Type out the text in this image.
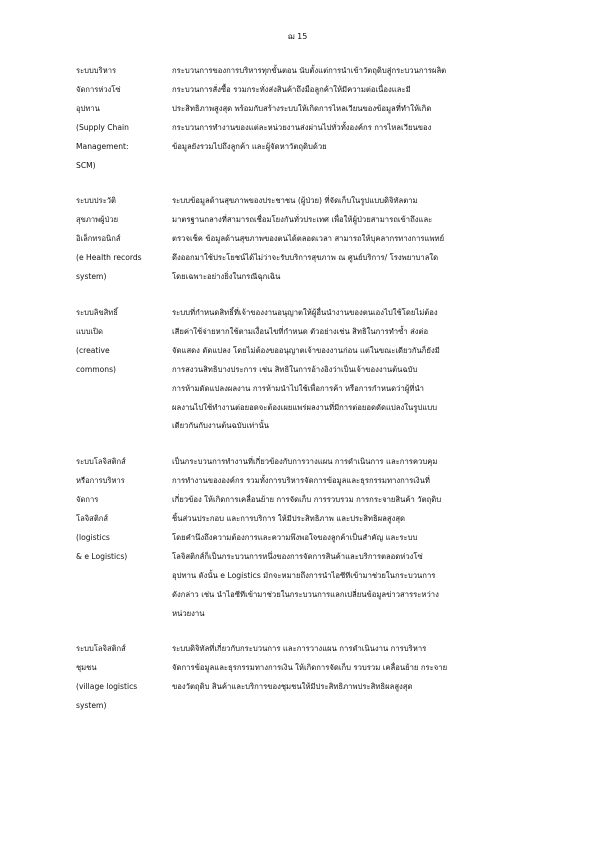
ฌ 15
ระบบบริหาร
จัดการห่วงโซ่
อุปทาน
(Supply Chain
Management:
SCM)
กระบวนการของการบริหารทุกขั้นตอน นับตั้งแต่การนำเข้าวัตถุดิบสู่กระบวนการผลิต
กระบวนการสั่งซื้อ รวมกระทั่งส่งสินค้าถึงมือลูกค้าให้มีความต่อเนื่องและมี
ประสิทธิภาพสูงสุด พร้อมกับสร้างระบบให้เกิดการไหลเวียนของข้อมูลที่ทำให้เกิด
กระบวนการทำงานของแต่ละหน่วยงานส่งผ่านไปทั่วทั้งองค์กร การไหลเวียนของ
ข้อมูลยังรวมไปถึงลูกค้า และผู้จัดหาวัตถุดิบด้วย
ระบบประวัติ
สุขภาพผู้ป่วย
อิเล็กทรอนิกส์
(e Health records
system)
ระบบข้อมูลด้านสุขภาพของประชาชน (ผู้ป่วย) ที่จัดเก็บในรูปแบบดิจิทัลตาม
มาตรฐานกลางที่สามารถเชื่อมโยงกันทั่วประเทศ เพื่อให้ผู้ป่วยสามารถเข้าถึงและ
ตรวจเช็ค ข้อมูลด้านสุขภาพของตนได้ตลอดเวลา สามารถให้บุคลากรทางการแพทย์
ดึงออกมาใช้ประโยชน์ได้ไม่ว่าจะรับบริการสุขภาพ ณ ศูนย์บริการ/ โรงพยาบาลใด
โดยเฉพาะอย่างยิ่งในกรณีฉุกเฉิน
ระบบลิขสิทธิ์
แบบเปิด
(creative
commons)
ระบบที่กำหนดสิทธิ์ที่เจ้าของงานอนุญาตให้ผู้อื่นนำงานของตนเองไปใช้โดยไม่ต้อง
เสียค่าใช้จ่ายหากใช้ตามเงื่อนไขที่กำหนด ตัวอย่างเช่น สิทธิในการทำซ้ำ ส่งต่อ
จัดแสดง ดัดแปลง โดยไม่ต้องขออนุญาตเจ้าของงานก่อน แต่ในขณะเดียวกันก็ยังมี
การสงวนสิทธิบางประการ เช่น สิทธิในการอ้างอิงว่าเป็นเจ้าของงานต้นฉบับ
การห้ามดัดแปลงผลงาน การห้ามนำไปใช้เพื่อการค้า หรือการกำหนดว่าผู้ที่นำ
ผลงานไปใช้ทำงานต่อยอดจะต้องเผยแพร่ผลงานที่มีการต่อยอดดัดแปลงในรูปแบบ
เดียวกันกับงานต้นฉบับเท่านั้น
ระบบโลจิสติกส์
หรือการบริหาร
จัดการ
โลจิสติกส์
(logistics
& e Logistics)
เป็นกระบวนการทำงานที่เกี่ยวข้องกับการวางแผน การดำเนินการ และการควบคุม
การทำงานขององค์กร รวมทั้งการบริหารจัดการข้อมูลและธุรกรรมทางการเงินที่
เกี่ยวข้อง ให้เกิดการเคลื่อนย้าย การจัดเก็บ การรวบรวม การกระจายสินค้า วัตถุดิบ
ชิ้นส่วนประกอบ และการบริการ ให้มีประสิทธิภาพ และประสิทธิผลสูงสุด
โดยคำนึงถึงความต้องการและความพึงพอใจของลูกค้าเป็นสำคัญ และระบบ
โลจิสติกส์ก็เป็นกระบวนการหนึ่งของการจัดการสินค้าและบริการตลอดห่วงโซ่
อุปทาน ดังนั้น e Logistics มักจะหมายถึงการนำไอซีทีเข้ามาช่วยในกระบวนการ
ดังกล่าว เช่น นำไอซีทีเข้ามาช่วยในกระบวนการแลกเปลี่ยนข้อมูลข่าวสารระหว่าง
หน่วยงาน
ระบบโลจิสติกส์
ชุมชน
(village logistics
system)
ระบบดิจิทัลที่เกี่ยวกับกระบวนการ และการวางแผน การดำเนินงาน การบริหาร
จัดการข้อมูลและธุรกรรมทางการเงิน ให้เกิดการจัดเก็บ รวบรวม เคลื่อนย้าย กระจาย
ของวัตถุดิบ สินค้าและบริการของชุมชนให้มีประสิทธิภาพประสิทธิผลสูงสุด
